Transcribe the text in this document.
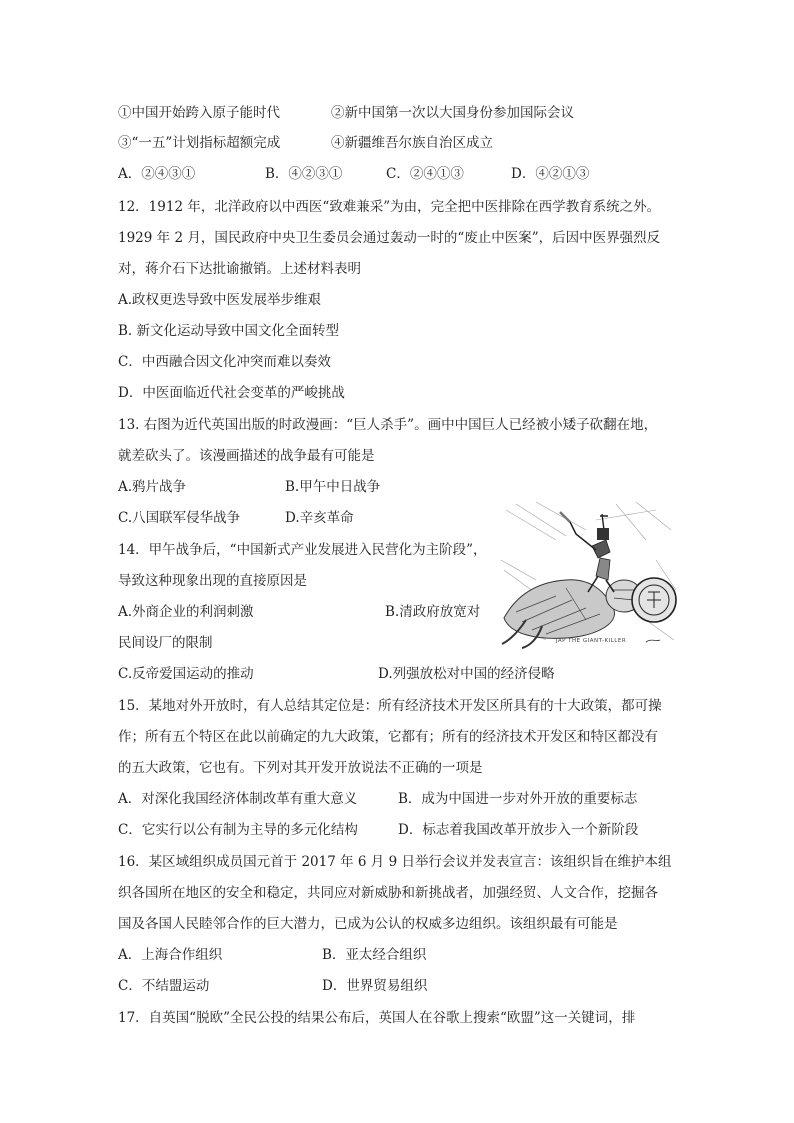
①中国开始跨入原子能时代	②新中国第一次以大国身份参加国际会议
③“一五”计划指标超额完成	④新疆维吾尔族自治区成立
A．②④③①	B．④②③①	C．②④①③	D．④②①③
12．1912 年，北洋政府以中西医“致难兼采”为由，完全把中医排除在西学教育系统之外。
1929 年 2 月，国民政府中央卫生委员会通过轰动一时的“废止中医案”，后因中医界强烈反
对，蒋介石下达批谕撤销。上述材料表明
A.政权更迭导致中医发展举步维艰
B. 新文化运动导致中国文化全面转型
C．中西融合因文化冲突而难以奏效
D．中医面临近代社会变革的严峻挑战
13. 右图为近代英国出版的时政漫画：“巨人杀手”。画中中国巨人已经被小矮子砍翻在地，
就差砍头了。该漫画描述的战争最有可能是
A.鸦片战争	B.甲午中日战争
C.八国联军侵华战争	D.辛亥革命
JAP THE GIANT-KILLER
14．甲午战争后，“中国新式产业发展进入民营化为主阶段”，
导致这种现象出现的直接原因是
A.外商企业的利润刺激	B.清政府放宽对
民间设厂的限制
C.反帝爱国运动的推动	D.列强放松对中国的经济侵略
15．某地对外开放时，有人总结其定位是：所有经济技术开发区所具有的十大政策，都可操
作；所有五个特区在此以前确定的九大政策，它都有；所有的经济技术开发区和特区都没有
的五大政策，它也有。下列对其开发开放说法不正确的一项是
A．对深化我国经济体制改革有重大意义	B．成为中国进一步对外开放的重要标志
C．它实行以公有制为主导的多元化结构	D．标志着我国改革开放步入一个新阶段
16．某区域组织成员国元首于 2017 年 6 月 9 日举行会议并发表宣言：该组织旨在维护本组
织各国所在地区的安全和稳定，共同应对新威胁和新挑战者，加强经贸、人文合作，挖掘各
国及各国人民睦邻合作的巨大潜力，已成为公认的权威多边组织。该组织最有可能是
A．上海合作组织	B．亚太经合组织
C．不结盟运动	D．世界贸易组织
17．自英国“脱欧”全民公投的结果公布后，英国人在谷歌上搜索“欧盟”这一关键词，排
